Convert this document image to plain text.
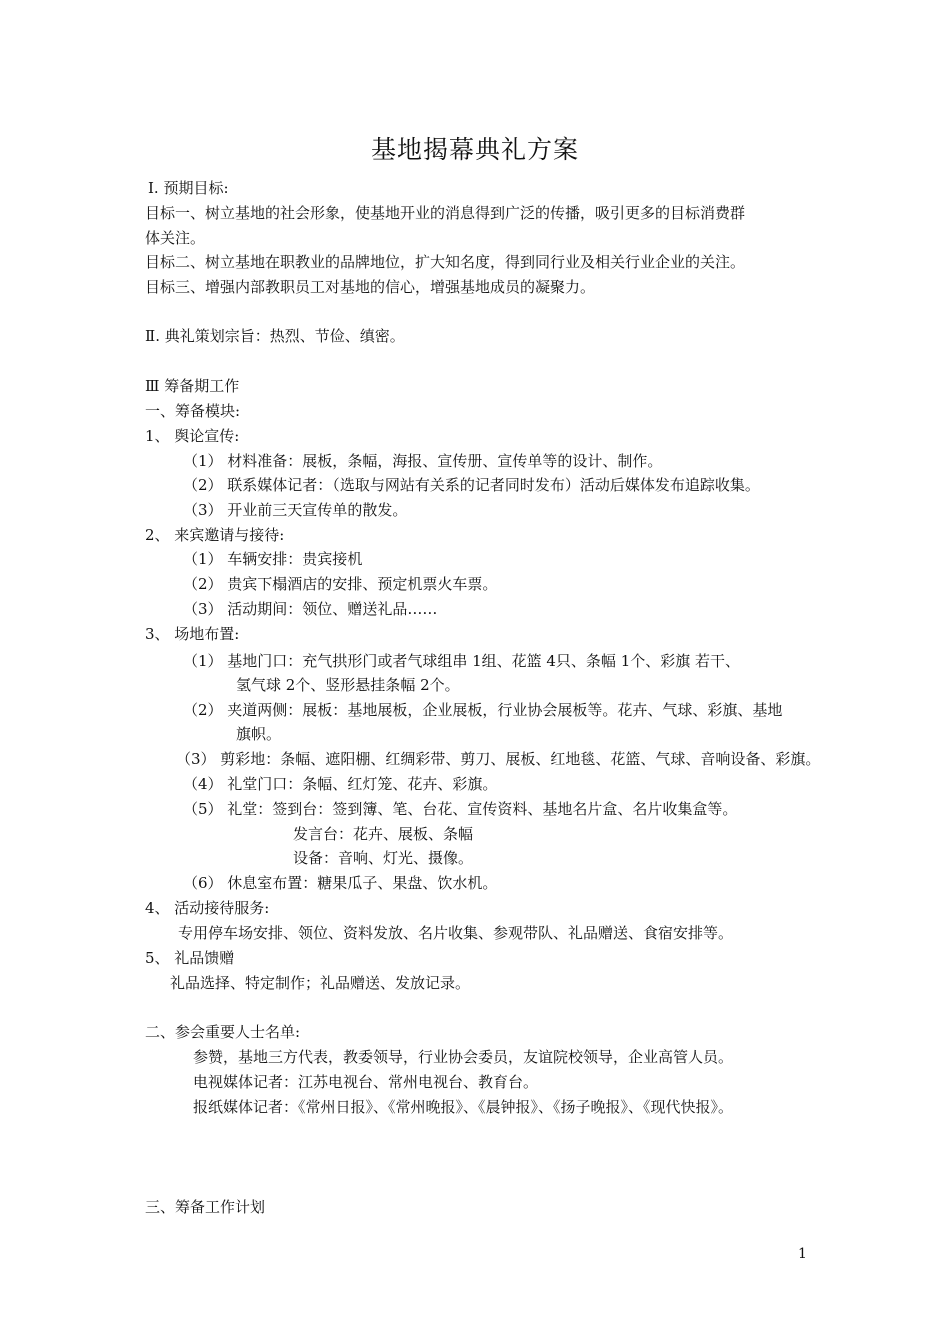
基地揭幕典礼方案
Ⅰ. 预期目标:
目标一、树立基地的社会形象，使基地开业的消息得到广泛的传播，吸引更多的目标消费群
体关注。
目标二、树立基地在职教业的品牌地位，扩大知名度，得到同行业及相关行业企业的关注。
目标三、增强内部教职员工对基地的信心，增强基地成员的凝聚力。
Ⅱ. 典礼策划宗旨：热烈、节俭、缜密。
Ⅲ 筹备期工作
一、筹备模块:
1、 舆论宣传:
（1） 材料准备：展板，条幅，海报、宣传册、宣传单等的设计、制作。
（2） 联系媒体记者：（选取与网站有关系的记者同时发布）活动后媒体发布追踪收集。
（3） 开业前三天宣传单的散发。
2、 来宾邀请与接待:
（1） 车辆安排：贵宾接机
（2） 贵宾下榻酒店的安排、预定机票火车票。
（3） 活动期间：领位、赠送礼品……
3、 场地布置:
（1） 基地门口：充气拱形门或者气球组串 1组、花篮 4只、条幅 1个、彩旗 若干、
氢气球 2个、竖形悬挂条幅 2个。
（2） 夹道两侧：展板：基地展板，企业展板，行业协会展板等。花卉、气球、彩旗、基地
旗帜。
（3） 剪彩地：条幅、遮阳棚、红绸彩带、剪刀、展板、红地毯、花篮、气球、音响设备、彩旗。
（4） 礼堂门口：条幅、红灯笼、花卉、彩旗。
（5） 礼堂：签到台：签到簿、笔、台花、宣传资料、基地名片盒、名片收集盒等。
发言台：花卉、展板、条幅
设备：音响、灯光、摄像。
（6） 休息室布置：糖果瓜子、果盘、饮水机。
4、 活动接待服务:
专用停车场安排、领位、资料发放、名片收集、参观带队、礼品赠送、食宿安排等。
5、 礼品馈赠
礼品选择、特定制作；礼品赠送、发放记录。
二、参会重要人士名单:
参赞，基地三方代表，教委领导，行业协会委员，友谊院校领导，企业高管人员。
电视媒体记者：江苏电视台、常州电视台、教育台。
报纸媒体记者：《常州日报》、《常州晚报》、《晨钟报》、《扬子晚报》、《现代快报》。
三、筹备工作计划
1
